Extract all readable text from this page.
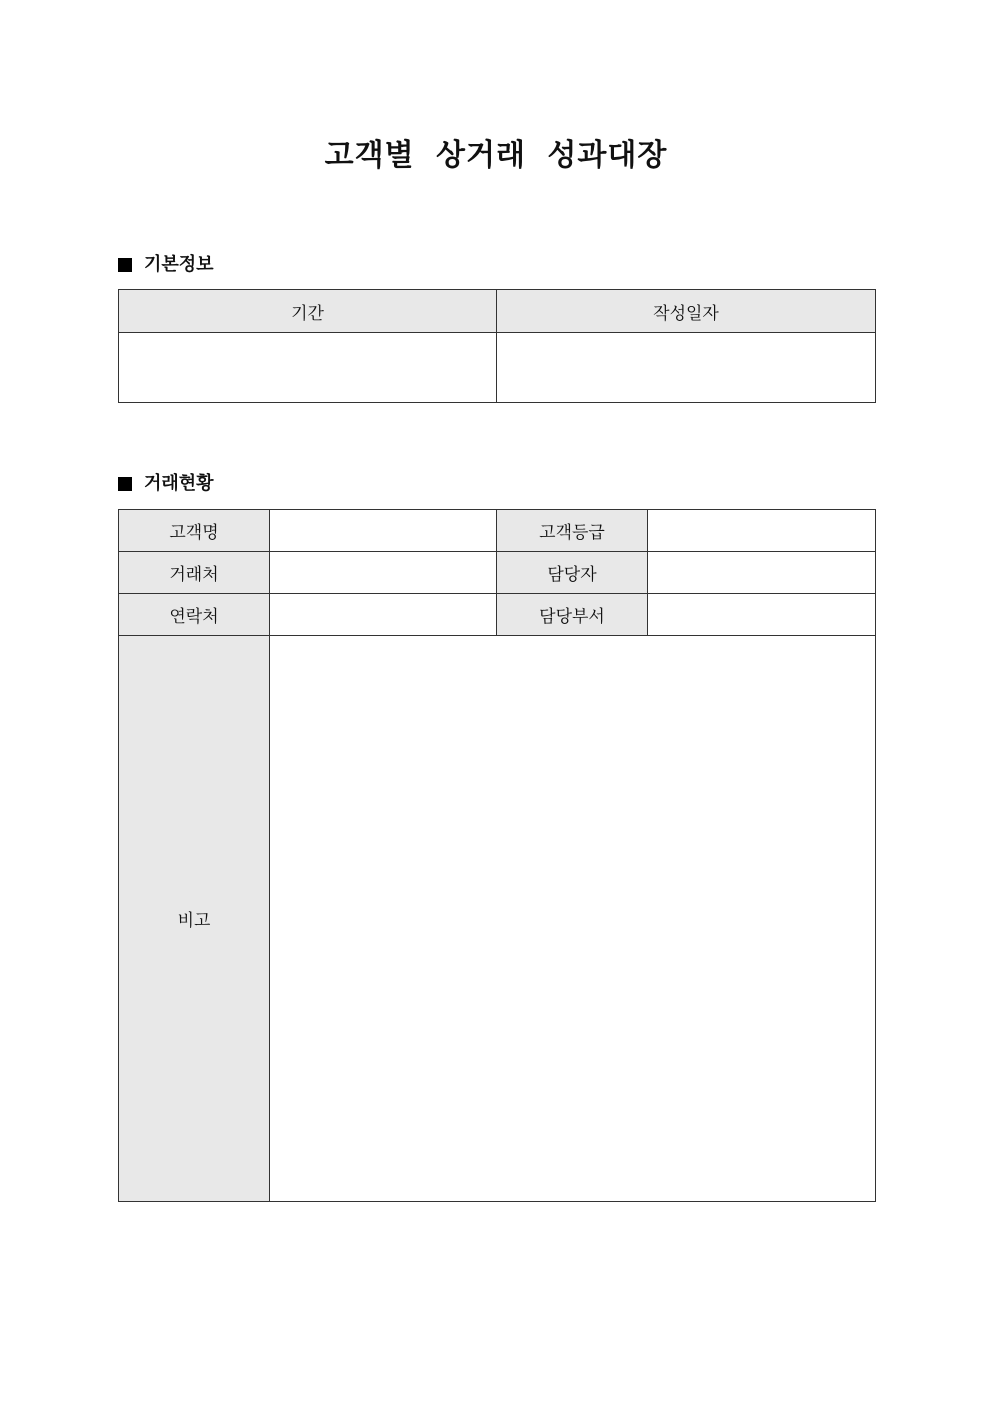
고객별 상거래 성과대장
기본정보
기간	작성일자

거래현황
고객명		고객등급	
거래처		담당자	
연락처		담당부서	
비고			
